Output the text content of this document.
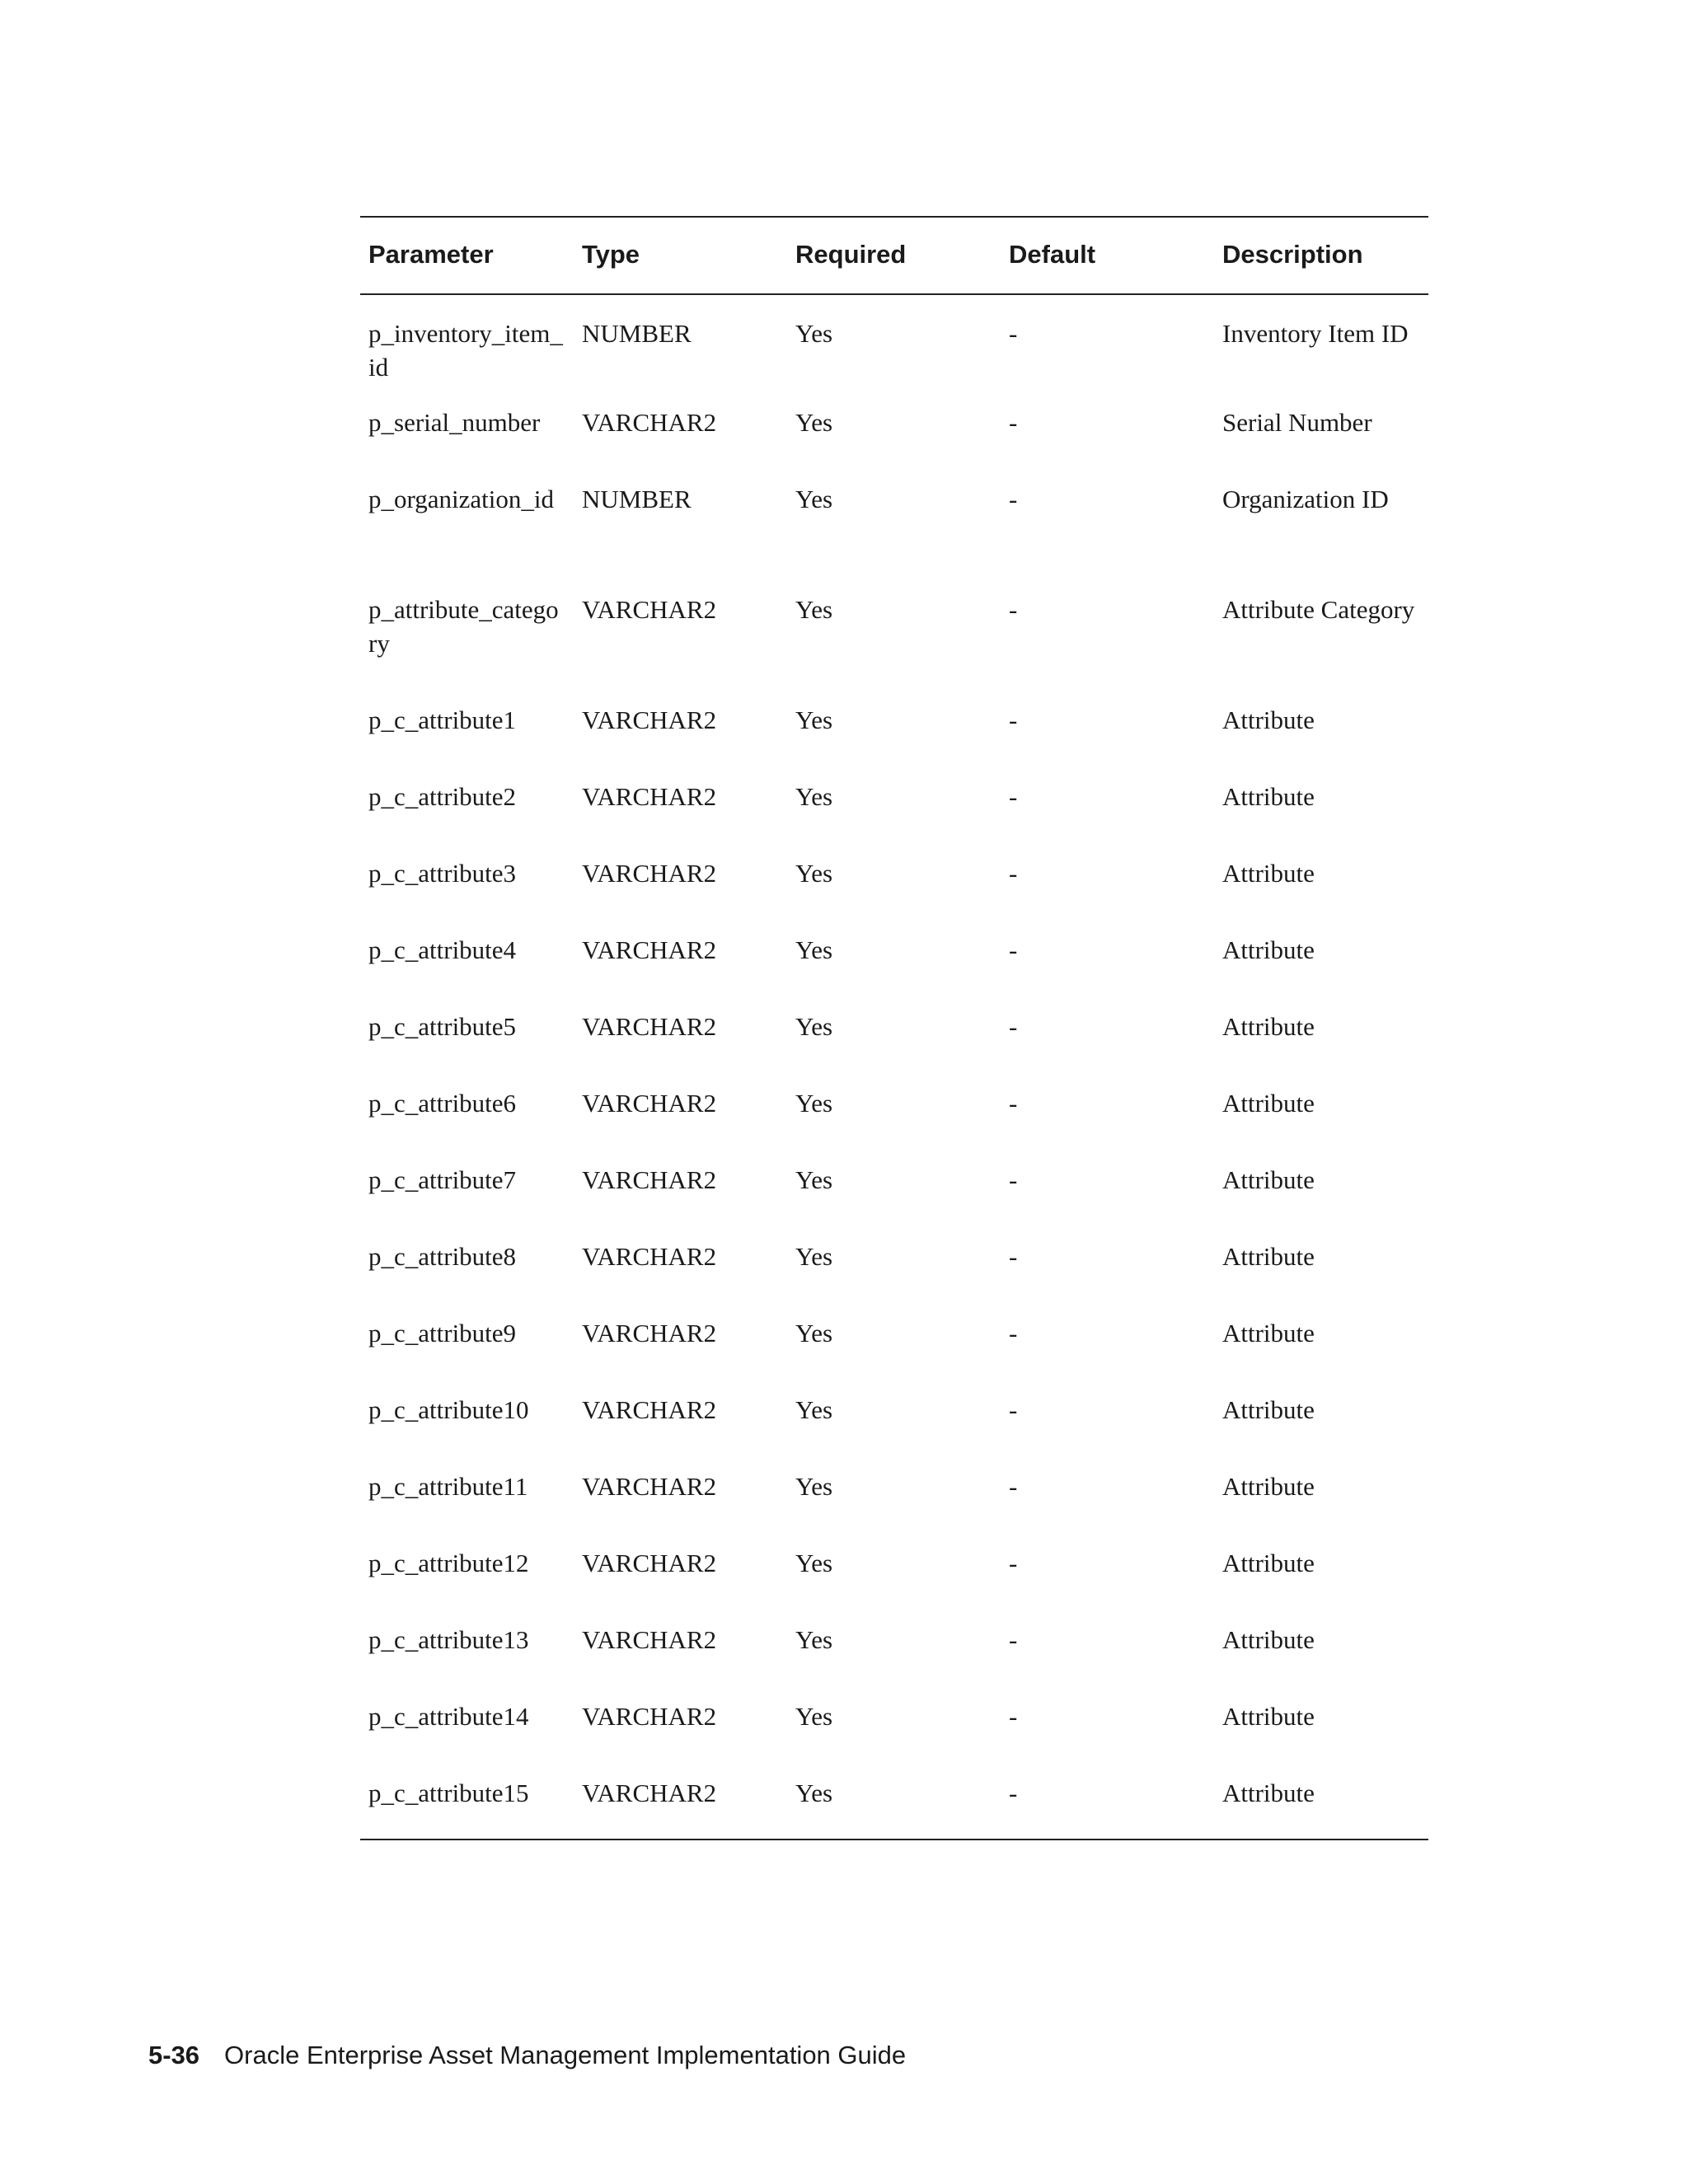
Parameter	Type	Required	Default	Description
p_inventory_item_id	NUMBER	Yes	-	Inventory Item ID
p_serial_number	VARCHAR2	Yes	-	Serial Number
p_organization_id	NUMBER	Yes	-	Organization ID
p_attribute_category	VARCHAR2	Yes	-	Attribute Category
p_c_attribute1	VARCHAR2	Yes	-	Attribute
p_c_attribute2	VARCHAR2	Yes	-	Attribute
p_c_attribute3	VARCHAR2	Yes	-	Attribute
p_c_attribute4	VARCHAR2	Yes	-	Attribute
p_c_attribute5	VARCHAR2	Yes	-	Attribute
p_c_attribute6	VARCHAR2	Yes	-	Attribute
p_c_attribute7	VARCHAR2	Yes	-	Attribute
p_c_attribute8	VARCHAR2	Yes	-	Attribute
p_c_attribute9	VARCHAR2	Yes	-	Attribute
p_c_attribute10	VARCHAR2	Yes	-	Attribute
p_c_attribute11	VARCHAR2	Yes	-	Attribute
p_c_attribute12	VARCHAR2	Yes	-	Attribute
p_c_attribute13	VARCHAR2	Yes	-	Attribute
p_c_attribute14	VARCHAR2	Yes	-	Attribute
p_c_attribute15	VARCHAR2	Yes	-	Attribute
5-36 Oracle Enterprise Asset Management Implementation Guide
